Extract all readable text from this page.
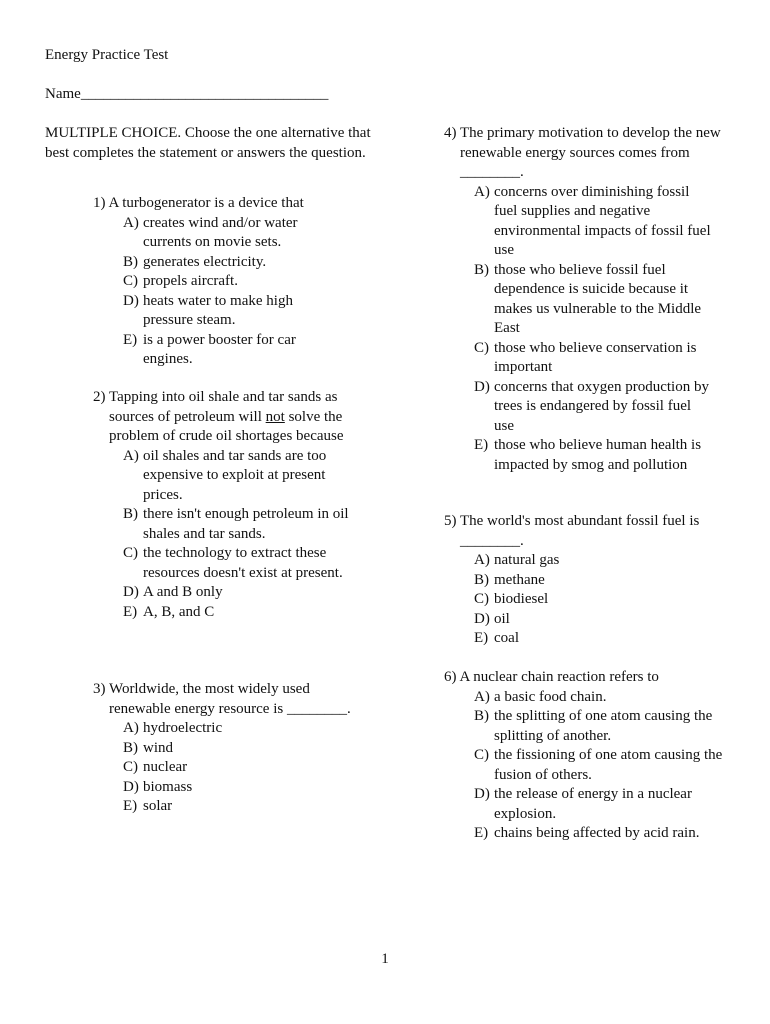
Energy Practice Test
Name_________________________________
MULTIPLE CHOICE. Choose the one alternative that best completes the statement or answers the question.
1) A turbogenerator is a device that
A) creates wind and/or water currents on movie sets.
B) generates electricity.
C) propels aircraft.
D) heats water to make high pressure steam.
E) is a power booster for car engines.
2) Tapping into oil shale and tar sands as sources of petroleum will not solve the problem of crude oil shortages because
A) oil shales and tar sands are too expensive to exploit at present prices.
B) there isn't enough petroleum in oil shales and tar sands.
C) the technology to extract these resources doesn't exist at present.
D) A and B only
E) A, B, and C
3) Worldwide, the most widely used renewable energy resource is ________.
A) hydroelectric
B) wind
C) nuclear
D) biomass
E) solar
4) The primary motivation to develop the new renewable energy sources comes from ________.
A) concerns over diminishing fossil fuel supplies and negative environmental impacts of fossil fuel use
B) those who believe fossil fuel dependence is suicide because it makes us vulnerable to the Middle East
C) those who believe conservation is important
D) concerns that oxygen production by trees is endangered by fossil fuel use
E) those who believe human health is impacted by smog and pollution
5) The world's most abundant fossil fuel is ________.
A) natural gas
B) methane
C) biodiesel
D) oil
E) coal
6) A nuclear chain reaction refers to
A) a basic food chain.
B) the splitting of one atom causing the splitting of another.
C) the fissioning of one atom causing the fusion of others.
D) the release of energy in a nuclear explosion.
E) chains being affected by acid rain.
1
